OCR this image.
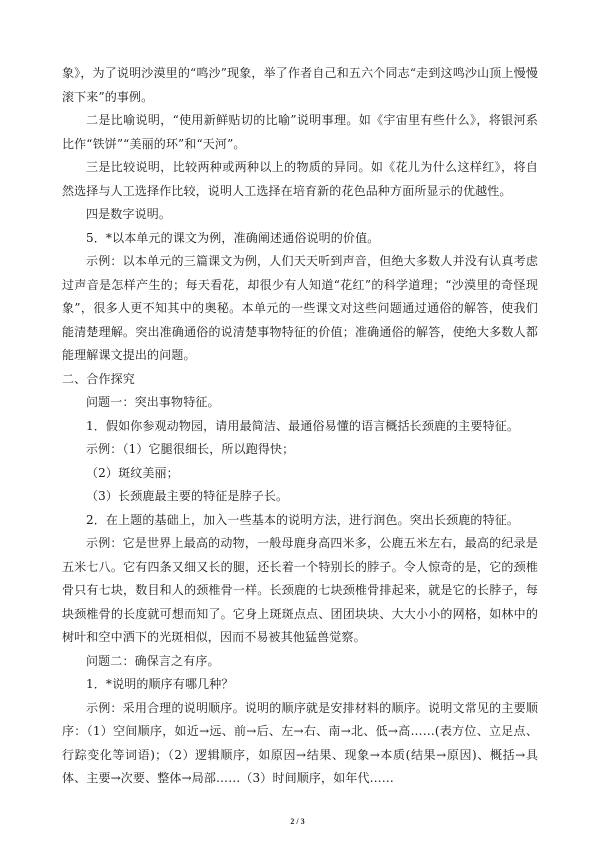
象》，为了说明沙漠里的“鸣沙”现象，举了作者自己和五六个同志“走到这鸣沙山顶上慢慢滚下来”的事例。

二是比喻说明，“使用新鲜贴切的比喻”说明事理。如《宇宙里有些什么》，将银河系比作“铁饼”“美丽的环”和“天河”。

三是比较说明，比较两种或两种以上的物质的异同。如《花儿为什么这样红》，将自然选择与人工选择作比较，说明人工选择在培育新的花色品种方面所显示的优越性。

四是数字说明。

5．*以本单元的课文为例，准确阐述通俗说明的价值。

示例：以本单元的三篇课文为例，人们天天听到声音，但绝大多数人并没有认真考虑过声音是怎样产生的；每天看花，却很少有人知道“花红”的科学道理；“沙漠里的奇怪现象”，很多人更不知其中的奥秘。本单元的一些课文对这些问题通过通俗的解答，使我们能清楚理解。突出准确通俗的说清楚事物特征的价值；准确通俗的解答，使绝大多数人都能理解课文提出的问题。

二、合作探究

问题一：突出事物特征。

1．假如你参观动物园，请用最简洁、最通俗易懂的语言概括长颈鹿的主要特征。

示例：（1）它腿很细长，所以跑得快；

（2）斑纹美丽；

（3）长颈鹿最主要的特征是脖子长。

2．在上题的基础上，加入一些基本的说明方法，进行润色。突出长颈鹿的特征。

示例：它是世界上最高的动物，一般母鹿身高四米多，公鹿五米左右，最高的纪录是五米七八。它有四条又细又长的腿，还长着一个特别长的脖子。令人惊奇的是，它的颈椎骨只有七块，数目和人的颈椎骨一样。长颈鹿的七块颈椎骨排起来，就是它的长脖子，每块颈椎骨的长度就可想而知了。它身上斑斑点点、团团块块、大大小小的网格，如林中的树叶和空中洒下的光斑相似，因而不易被其他猛兽觉察。

问题二：确保言之有序。

1．*说明的顺序有哪几种？

示例：采用合理的说明顺序。说明的顺序就是安排材料的顺序。说明文常见的主要顺序：（1）空间顺序，如近→远、前→后、左→右、南→北、低→高……(表方位、立足点、行踪变化等词语)；（2）逻辑顺序，如原因→结果、现象→本质(结果→原因)、概括→具体、主要→次要、整体→局部……（3）时间顺序，如年代……

2 / 3
